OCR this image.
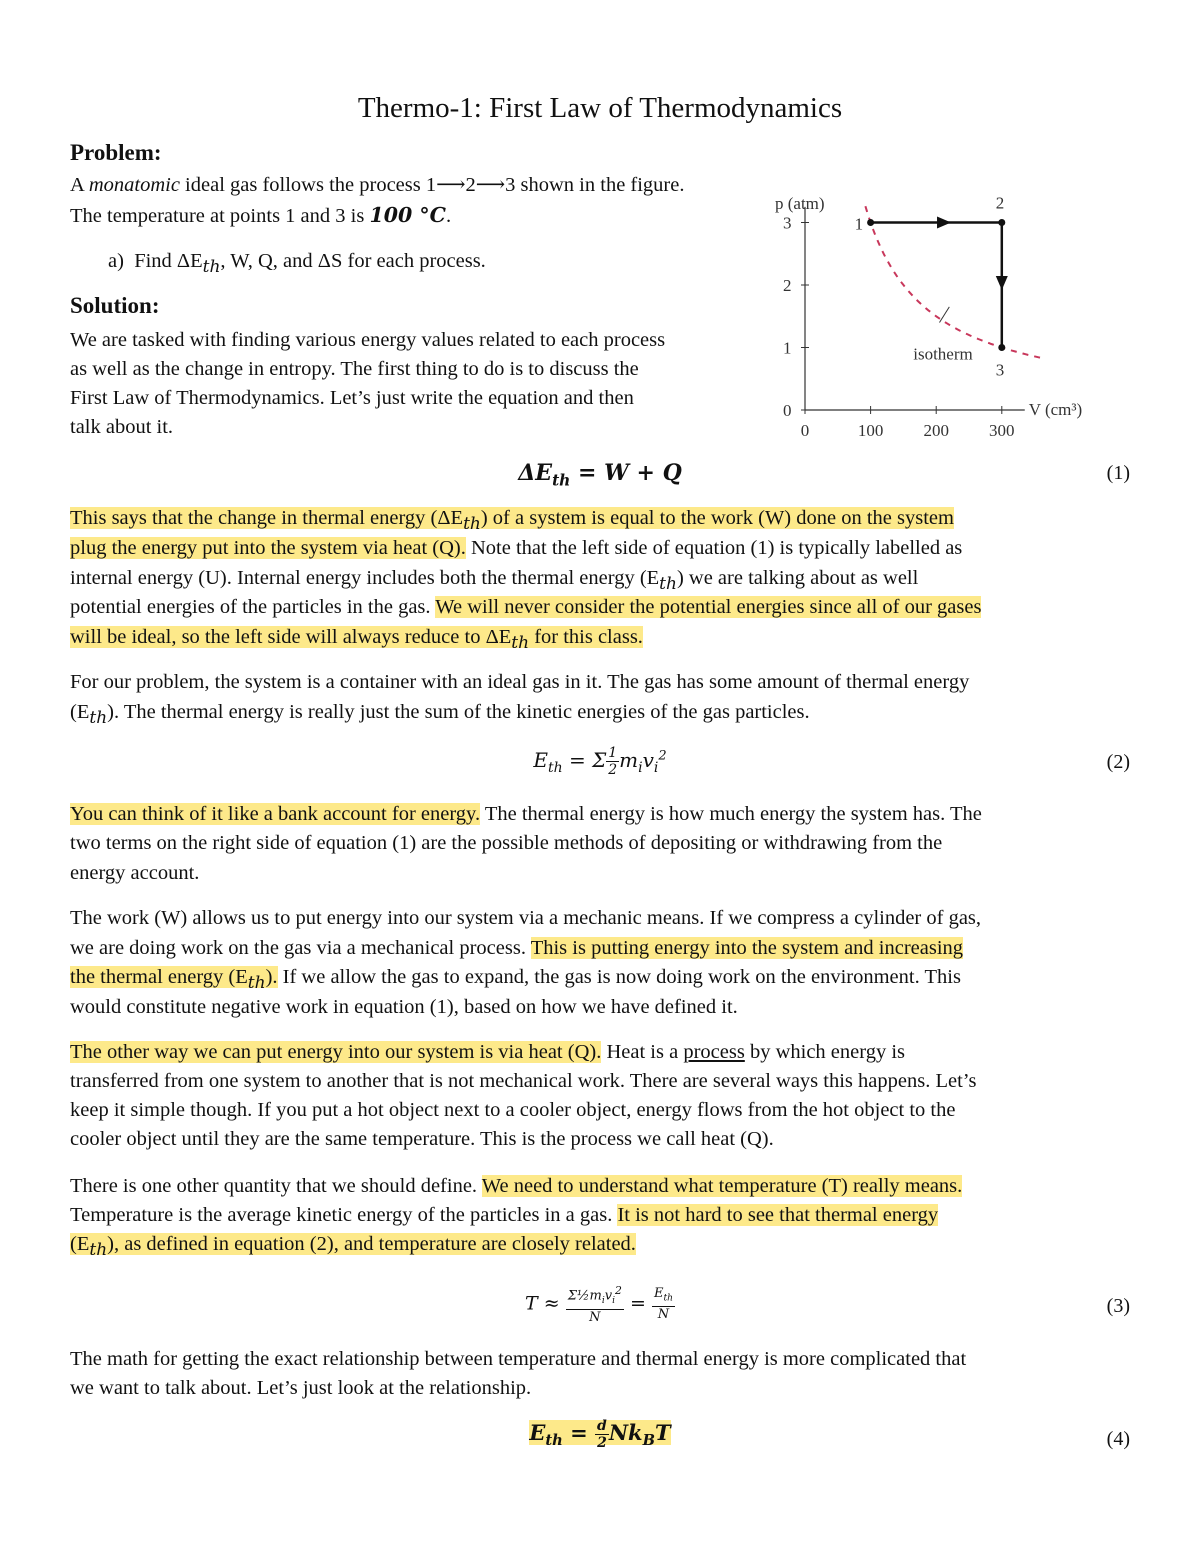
Thermo-1: First Law of Thermodynamics
Problem:
A monatomic ideal gas follows the process 1⟶2⟶3 shown in the figure.
The temperature at points 1 and 3 is 100 °C.
a) Find $\Delta E_{th}$, W, Q, and ΔS for each process.
Solution:
We are tasked with finding various energy values related to each process
as well as the change in entropy. The first thing to do is to discuss the
First Law of Thermodynamics. Let’s just write the equation and then
talk about it.
p (atm)
V (cm³)
0
1
2
3
0	100 200 300
1
2
3
isotherm
$\Delta E_{th} = W + Q$	(1)
This says that the change in thermal energy $(\Delta E_{th})$ of a system is equal to the work (W) done on the system
plug the energy put into the system via heat (Q). Note that the left side of equation (1) is typically labelled as
internal energy (U). Internal energy includes both the thermal energy $(E_{th})$ we are talking about as well
potential energies of the particles in the gas. We will never consider the potential energies since all of our gases
will be ideal, so the left side will always reduce to $\Delta E_{th}$ for this class.
For our problem, the system is a container with an ideal gas in it. The gas has some amount of thermal energy
$(E_{th})$. The thermal energy is really just the sum of the kinetic energies of the gas particles.
$E_{th} = \Sigma \frac{1}{2} m_iv_i^2$	(2)
You can think of it like a bank account for energy. The thermal energy is how much energy the system has. The
two terms on the right side of equation (1) are the possible methods of depositing or withdrawing from the
energy account.
The work (W) allows us to put energy into our system via a mechanic means. If we compress a cylinder of gas,
we are doing work on the gas via a mechanical process. This is putting energy into the system and increasing
the thermal energy $(E_{th})$. If we allow the gas to expand, the gas is now doing work on the environment. This
would constitute negative work in equation (1), based on how we have defined it.
The other way we can put energy into our system is via heat (Q). Heat is a process by which energy is
transferred from one system to another that is not mechanical work. There are several ways this happens. Let’s
keep it simple though. If you put a hot object next to a cooler object, energy flows from the hot object to the
cooler object until they are the same temperature. This is the process we call heat (Q).
There is one other quantity that we should define. We need to understand what temperature (T) really means.
Temperature is the average kinetic energy of the particles in a gas. It is not hard to see that thermal energy
$(E_{th})$, as defined in equation (2), and temperature are closely related.
$T \approx \frac{\Sigma\frac{1}{2}m_iv_i^2}{N} = \frac{E_{th}}{N}$	(3)
The math for getting the exact relationship between temperature and thermal energy is more complicated that
we want to talk about. Let’s just look at the relationship.
$E_{th} = \frac{d}{2} Nk_BT$	(4)
